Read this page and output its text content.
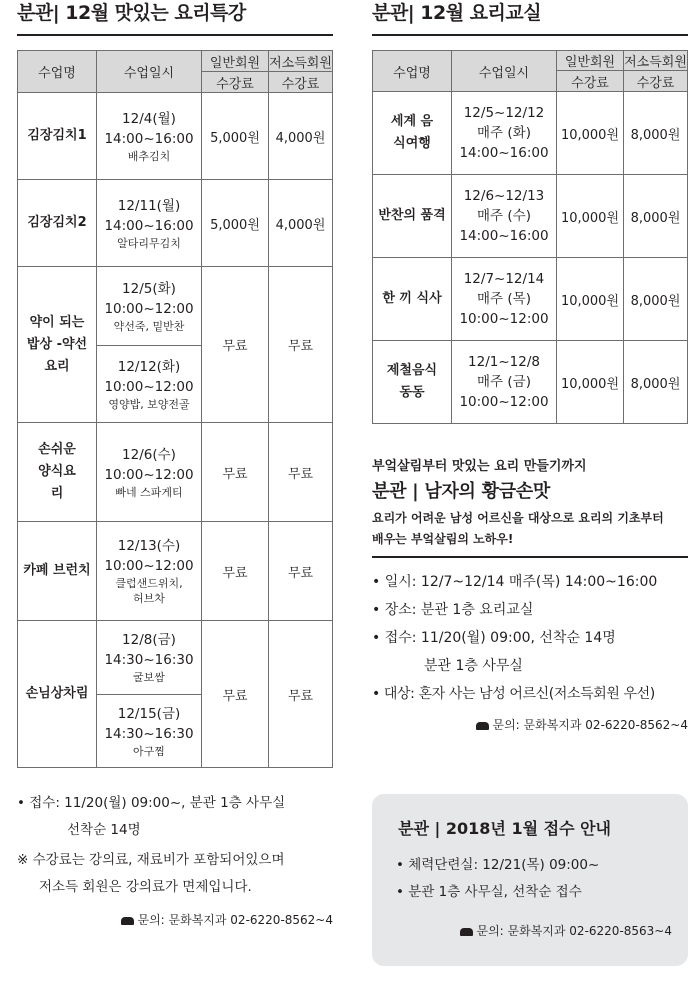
분관| 12월 맛있는 요리특강
수업명	수업일시	일반회원	저소득회원
		수강료	수강료
김장김치1	12/4(월)
14:00~16:00
배추김치	5,000원	4,000원
김장김치2	12/11(월)
14:00~16:00
알타리무김치	5,000원	4,000원

약이 되는 밥상 -약선요리	12/5(화)
10:00~12:00
약선죽, 밑반찬	무료	무료

	12/12(화)
10:00~12:00
영양밥, 보양전골		

손쉬운 양식요리	12/6(수)
10:00~12:00
빠네 스파게티	무료	무료
카페 브런치	12/13(수)
10:00~12:00
클럽샌드위치, 허브차	무료	무료
손님상차림	12/8(금)
14:30~16:30
굴보쌈	무료	무료

	12/15(금)
14:30~16:30
아구찜		
• 접수: 11/20(월) 09:00~, 분관 1층 사무실
선착순 14명
※ 수강료는 강의료, 재료비가 포함되어있으며
저소득 회원은 강의료가 면제입니다.
문의: 문화복지과 02-6220-8562~4
분관| 12월 요리교실
수업명	수업일시	일반회원	저소득회원
		수강료	수강료

세계 음식여행	12/5~12/12
매주 (화)
14:00~16:00	10,000원	8,000원
반찬의 품격	12/6~12/13
매주 (수)
14:00~16:00	10,000원	8,000원
한 끼 식사	12/7~12/14
매주 (목)
10:00~12:00	10,000원	8,000원

제철음식 동동	12/1~12/8
매주 (금)
10:00~12:00	10,000원	8,000원
부엌살림부터 맛있는 요리 만들기까지
분관 | 남자의 황금손맛
요리가 어려운 남성 어르신을 대상으로 요리의 기초부터
배우는 부엌살림의 노하우!
• 일시: 12/7~12/14 매주(목) 14:00~16:00
• 장소: 분관 1층 요리교실
• 접수: 11/20(월) 09:00, 선착순 14명
분관 1층 사무실
• 대상: 혼자 사는 남성 어르신(저소득회원 우선)
문의: 문화복지과 02-6220-8562~4
분관 | 2018년 1월 접수 안내
• 체력단련실: 12/21(목) 09:00~
• 분관 1층 사무실, 선착순 접수
문의: 문화복지과 02-6220-8563~4
